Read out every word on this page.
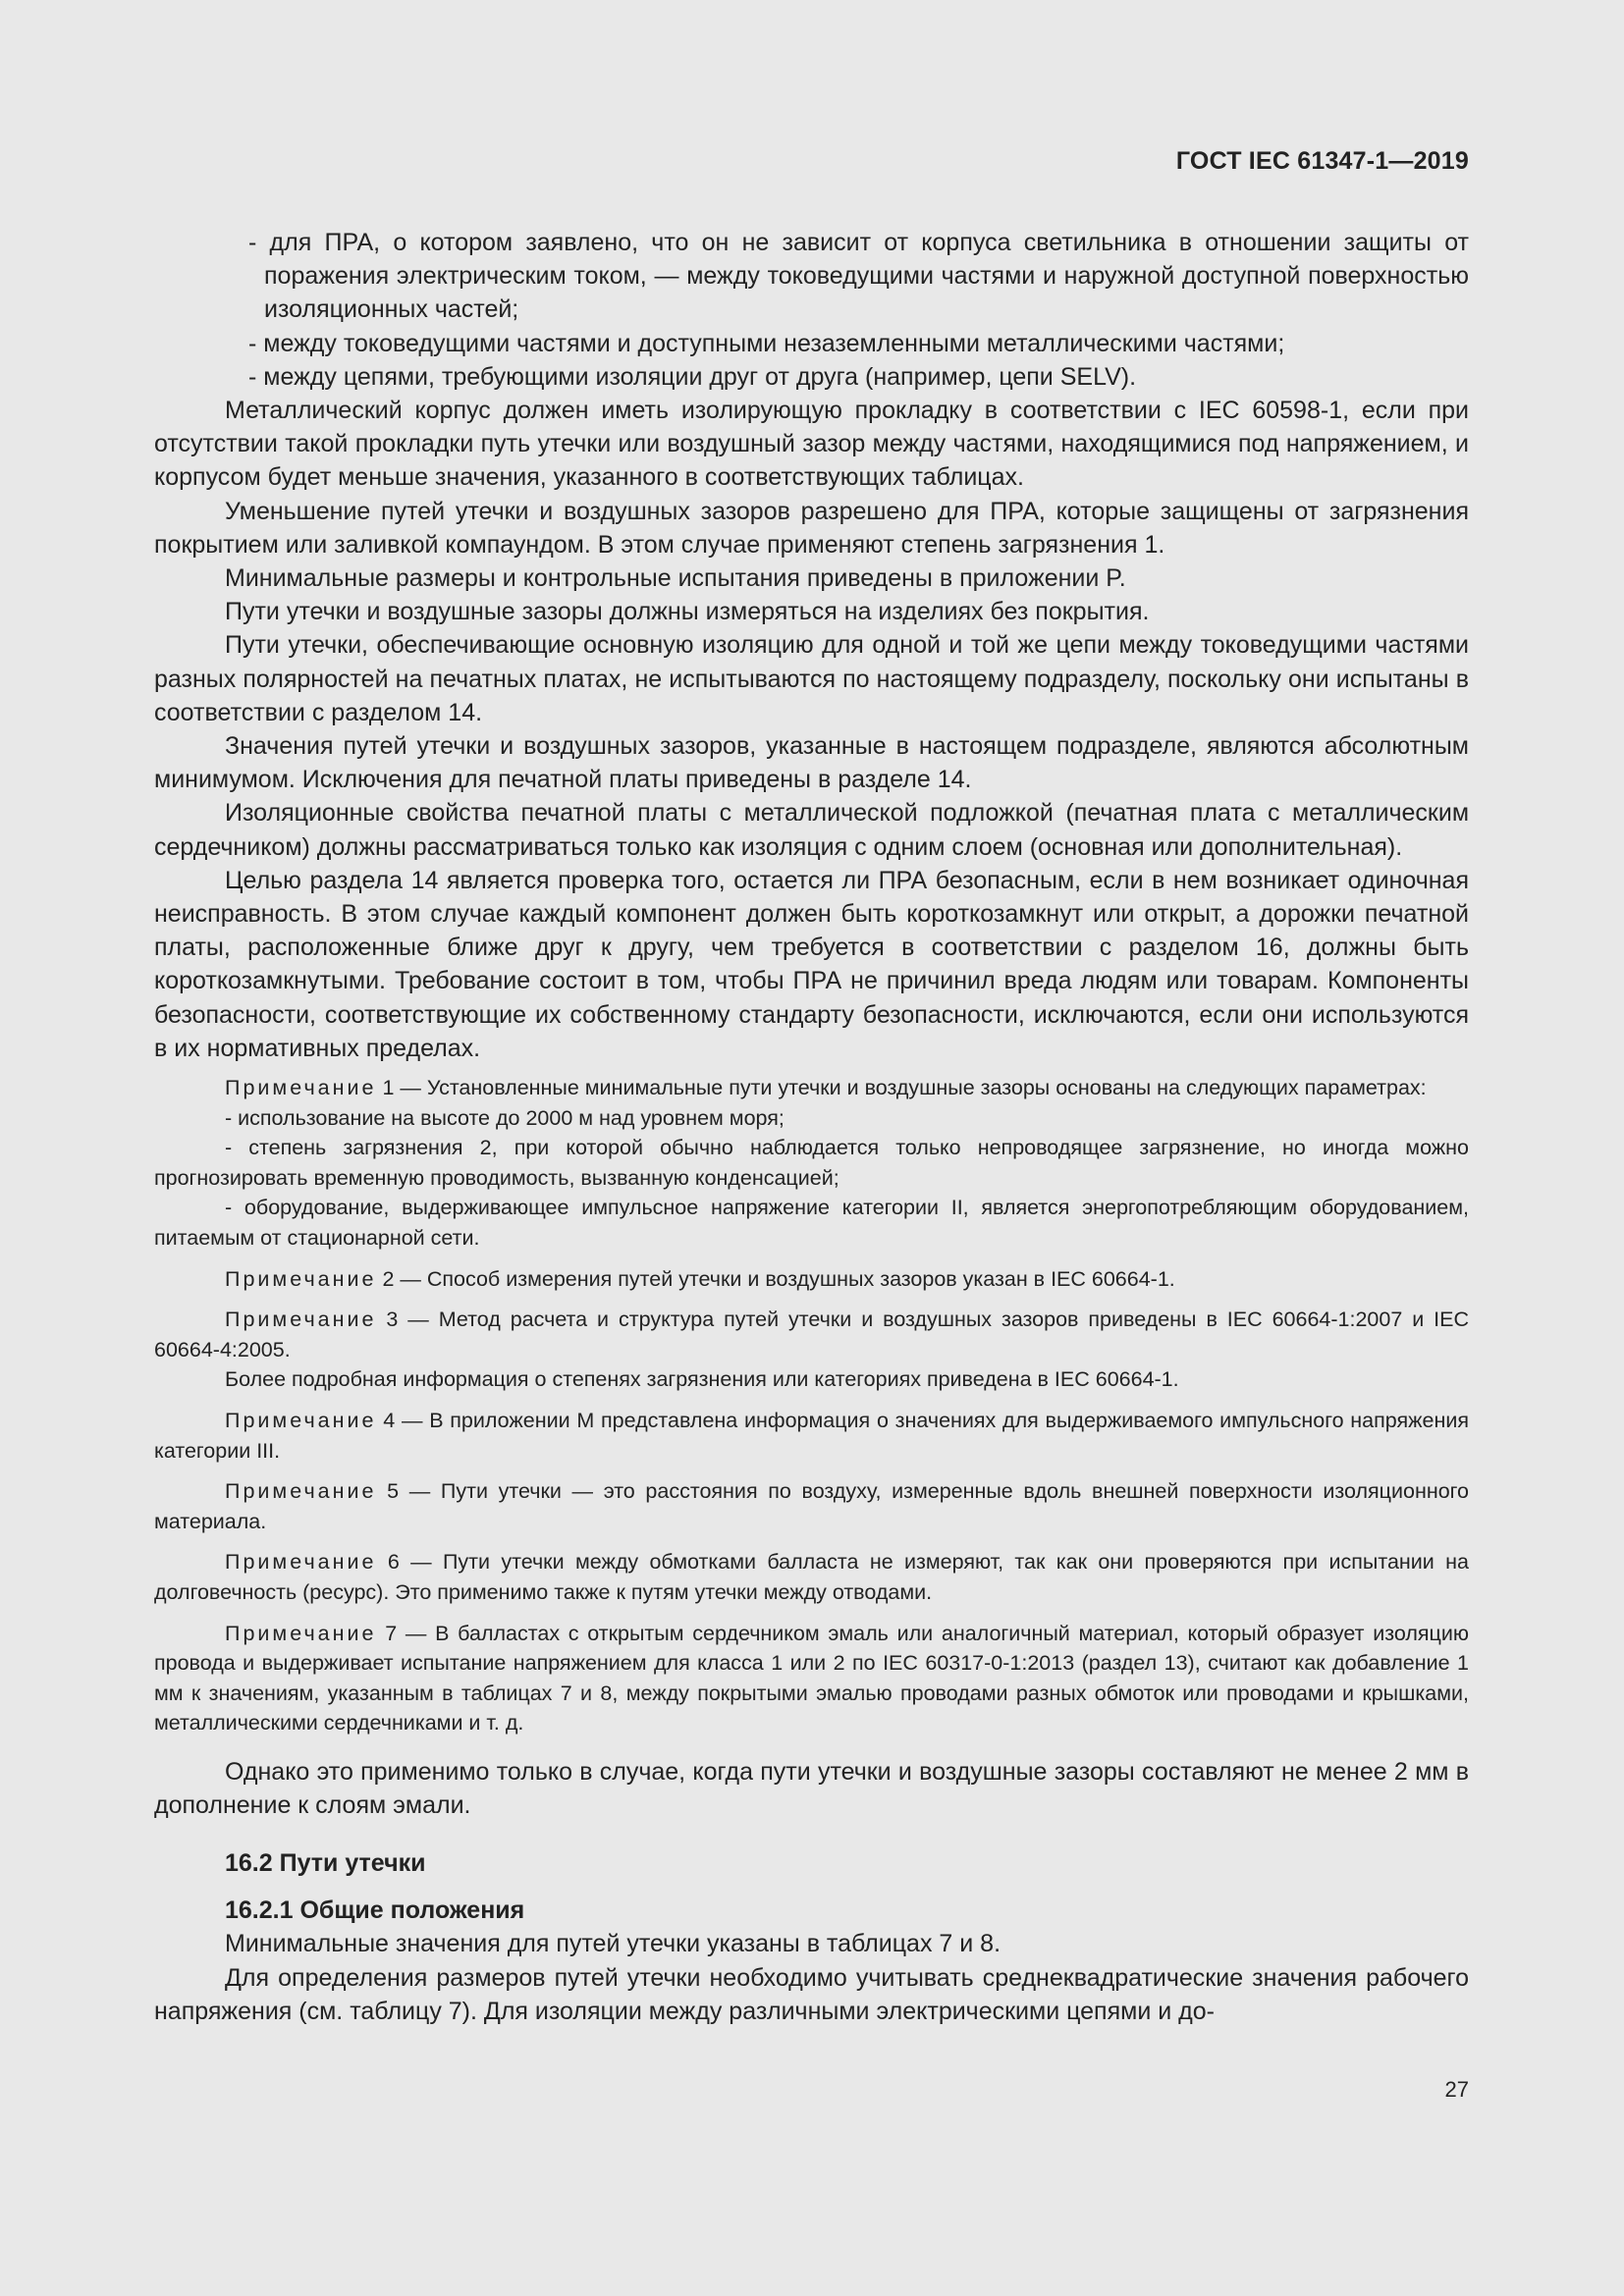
ГОСТ IEC 61347-1—2019

- для ПРА, о котором заявлено, что он не зависит от корпуса светильника в отношении защиты от поражения электрическим током, — между токоведущими частями и наружной доступной поверхностью изоляционных частей;

- между токоведущими частями и доступными незаземленными металлическими частями;

- между цепями, требующими изоляции друг от друга (например, цепи SELV).

Металлический корпус должен иметь изолирующую прокладку в соответствии с IEC 60598-1, если при отсутствии такой прокладки путь утечки или воздушный зазор между частями, находящимися под напряжением, и корпусом будет меньше значения, указанного в соответствующих таблицах.

Уменьшение путей утечки и воздушных зазоров разрешено для ПРА, которые защищены от загрязнения покрытием или заливкой компаундом. В этом случае применяют степень загрязнения 1.

Минимальные размеры и контрольные испытания приведены в приложении P.

Пути утечки и воздушные зазоры должны измеряться на изделиях без покрытия.

Пути утечки, обеспечивающие основную изоляцию для одной и той же цепи между токоведущими частями разных полярностей на печатных платах, не испытываются по настоящему подразделу, поскольку они испытаны в соответствии с разделом 14.

Значения путей утечки и воздушных зазоров, указанные в настоящем подразделе, являются абсолютным минимумом. Исключения для печатной платы приведены в разделе 14.

Изоляционные свойства печатной платы с металлической подложкой (печатная плата с металлическим сердечником) должны рассматриваться только как изоляция с одним слоем (основная или дополнительная).

Целью раздела 14 является проверка того, остается ли ПРА безопасным, если в нем возникает одиночная неисправность. В этом случае каждый компонент должен быть короткозамкнут или открыт, а дорожки печатной платы, расположенные ближе друг к другу, чем требуется в соответствии с разделом 16, должны быть короткозамкнутыми. Требование состоит в том, чтобы ПРА не причинил вреда людям или товарам. Компоненты безопасности, соответствующие их собственному стандарту безопасности, исключаются, если они используются в их нормативных пределах.

Примечание 1 — Установленные минимальные пути утечки и воздушные зазоры основаны на следующих параметрах:

- использование на высоте до 2000 м над уровнем моря;

- степень загрязнения 2, при которой обычно наблюдается только непроводящее загрязнение, но иногда можно прогнозировать временную проводимость, вызванную конденсацией;

- оборудование, выдерживающее импульсное напряжение категории II, является энергопотребляющим оборудованием, питаемым от стационарной сети.

Примечание 2 — Способ измерения путей утечки и воздушных зазоров указан в IEC 60664-1.

Примечание 3 — Метод расчета и структура путей утечки и воздушных зазоров приведены в IEC 60664-1:2007 и IEC 60664-4:2005.

Более подробная информация о степенях загрязнения или категориях приведена в IEC 60664-1.

Примечание 4 — В приложении M представлена информация о значениях для выдерживаемого импульсного напряжения категории III.

Примечание 5 — Пути утечки — это расстояния по воздуху, измеренные вдоль внешней поверхности изоляционного материала.

Примечание 6 — Пути утечки между обмотками балласта не измеряют, так как они проверяются при испытании на долговечность (ресурс). Это применимо также к путям утечки между отводами.

Примечание 7 — В балластах с открытым сердечником эмаль или аналогичный материал, который образует изоляцию провода и выдерживает испытание напряжением для класса 1 или 2 по IEC 60317-0-1:2013 (раздел 13), считают как добавление 1 мм к значениям, указанным в таблицах 7 и 8, между покрытыми эмалью проводами разных обмоток или проводами и крышками, металлическими сердечниками и т. д.

Однако это применимо только в случае, когда пути утечки и воздушные зазоры составляют не менее 2 мм в дополнение к слоям эмали.

16.2 Пути утечки
16.2.1 Общие положения

Минимальные значения для путей утечки указаны в таблицах 7 и 8.

Для определения размеров путей утечки необходимо учитывать среднеквадратические значения рабочего напряжения (см. таблицу 7). Для изоляции между различными электрическими цепями и до-

27
